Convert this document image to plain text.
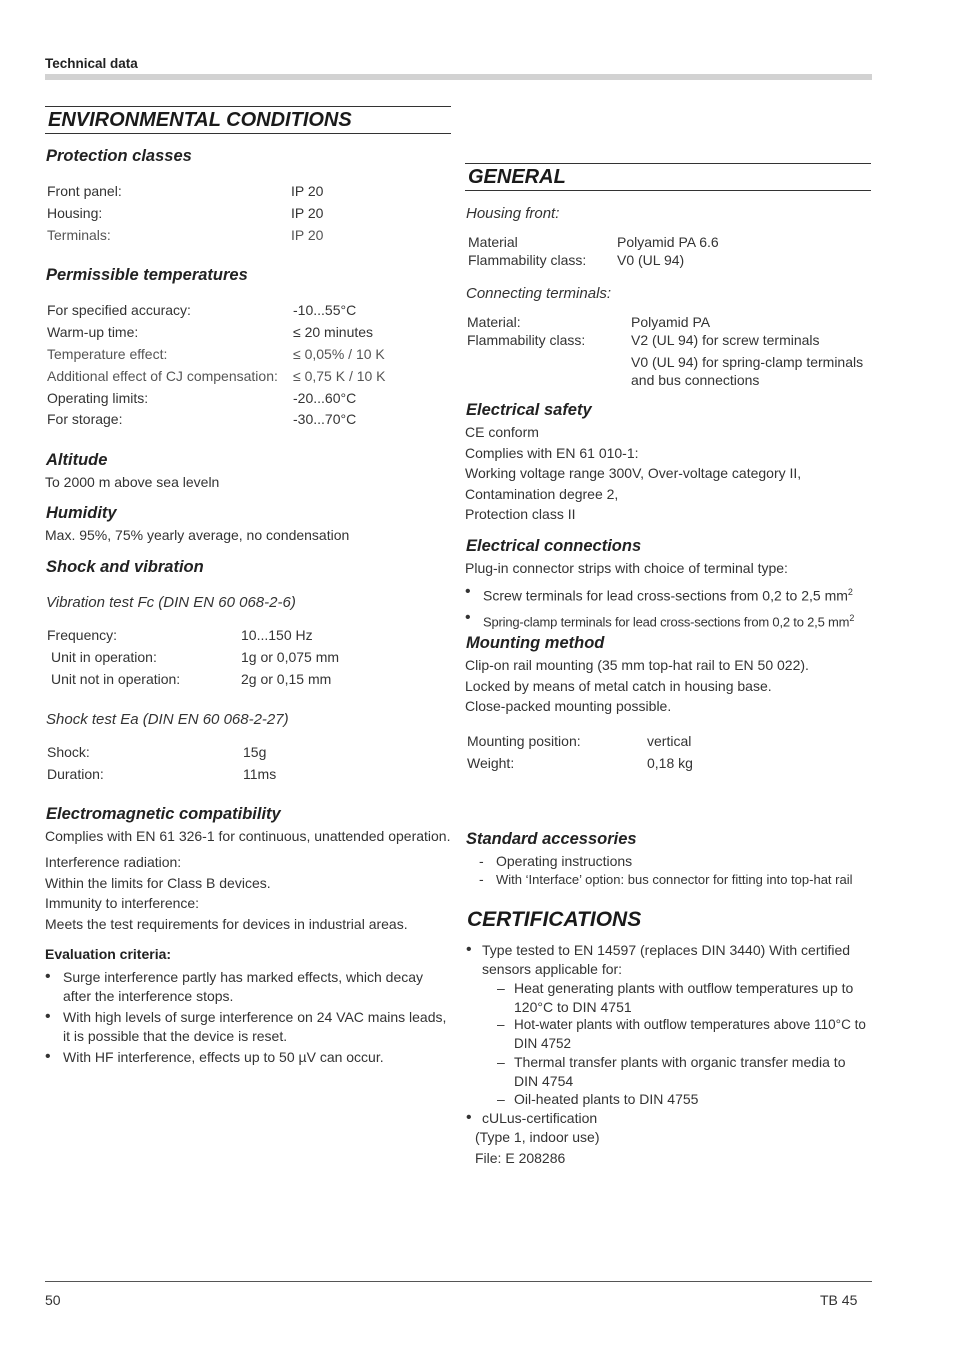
Technical data
ENVIRONMENTAL CONDITIONS
Protection classes
Front panel:	IP 20
Housing:	IP 20
Terminals:	IP 20
Permissible temperatures
For specified accuracy:	-10...55°C
Warm-up time:	≤ 20 minutes
Temperature effect:	≤ 0,05% / 10 K
Additional effect of CJ compensation: ≤ 0,75 K / 10 K
Operating limits:	-20...60°C
For storage:	-30...70°C
Altitude
To 2000 m above sea leveln
Humidity
Max. 95%, 75% yearly average, no condensation
Shock and vibration
Vibration test Fc (DIN EN 60 068-2-6)
Frequency:	10...150 Hz
Unit in operation:	1g or 0,075 mm
Unit not in operation:	2g or 0,15 mm
Shock test Ea (DIN EN 60 068-2-27)
Shock:	15g
Duration:	11ms
Electromagnetic compatibility
Complies with EN 61 326-1 for continuous, unattended operation.
Interference radiation:
Within the limits for Class B devices.
Immunity to interference:
Meets the test requirements for devices in industrial areas.
Evaluation criteria:
• Surge interference partly has marked effects, which decay after the interference stops.
• With high levels of surge interference on 24 VAC mains leads, it is possible that the device is reset.
• With HF interference, effects up to 50 µV can occur.
GENERAL
Housing front:
Material	Polyamid PA 6.6
Flammability class: V0 (UL 94)
Connecting terminals:
Material:	Polyamid PA
Flammability class:	V2 (UL 94) for screw terminals
V0 (UL 94) for spring-clamp terminals
and bus connections
Electrical safety
CE conform
Complies with EN 61 010-1:
Working voltage range 300V, Over-voltage category II,
Contamination degree 2,
Protection class II
Electrical connections
Plug-in connector strips with choice of terminal type:
• Screw terminals for lead cross-sections from 0,2 to 2,5 $mm^2$
• Spring-clamp terminals for lead cross-sections from 0,2 to 2,5 $mm^2$
Mounting method
Clip-on rail mounting (35 mm top-hat rail to EN 50 022).
Locked by means of metal catch in housing base.
Close-packed mounting possible.
Mounting position:	vertical
Weight:	0,18 kg
Standard accessories
- Operating instructions
- With ‘Interface’ option: bus connector for fitting into top-hat rail
CERTIFICATIONS
• Type tested to EN 14597 (replaces DIN 3440) With certified sensors applicable for:
– Heat generating plants with outflow temperatures up to 120°C to DIN 4751
– Hot-water plants with outflow temperatures above 110°C to DIN 4752
– Thermal transfer plants with organic transfer media to DIN 4754
– Oil-heated plants to DIN 4755
• cULus-certification
(Type 1, indoor use)
File: E 208286
50	TB 45
